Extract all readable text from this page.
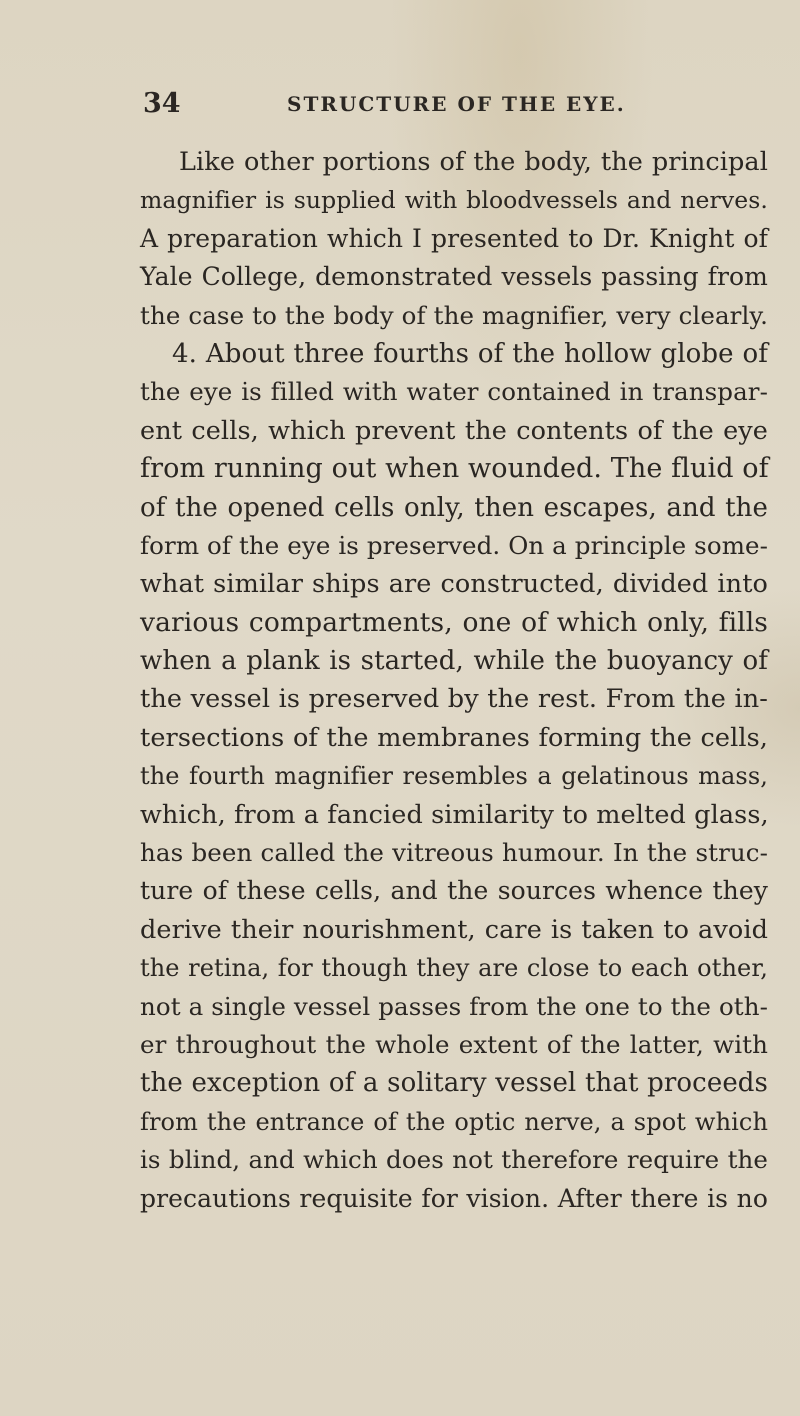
34	STRUCTURE OF THE EYE.
Like other portions of the body, the principal
magnifier is supplied with bloodvessels and nerves.
A preparation which I presented to Dr. Knight of
Yale College, demonstrated vessels passing from
the case to the body of the magnifier, very clearly.
4. About three fourths of the hollow globe of
the eye is filled with water contained in transpar-
ent cells, which prevent the contents of the eye
from running out when wounded. The fluid of
of the opened cells only, then escapes, and the
form of the eye is preserved. On a principle some-
what similar ships are constructed, divided into
various compartments, one of which only, fills
when a plank is started, while the buoyancy of
the vessel is preserved by the rest. From the in-
tersections of the membranes forming the cells,
the fourth magnifier resembles a gelatinous mass,
which, from a fancied similarity to melted glass,
has been called the vitreous humour. In the struc-
ture of these cells, and the sources whence they
derive their nourishment, care is taken to avoid
the retina, for though they are close to each other,
not a single vessel passes from the one to the oth-
er throughout the whole extent of the latter, with
the exception of a solitary vessel that proceeds
from the entrance of the optic nerve, a spot which
is blind, and which does not therefore require the
precautions requisite for vision. After there is no
